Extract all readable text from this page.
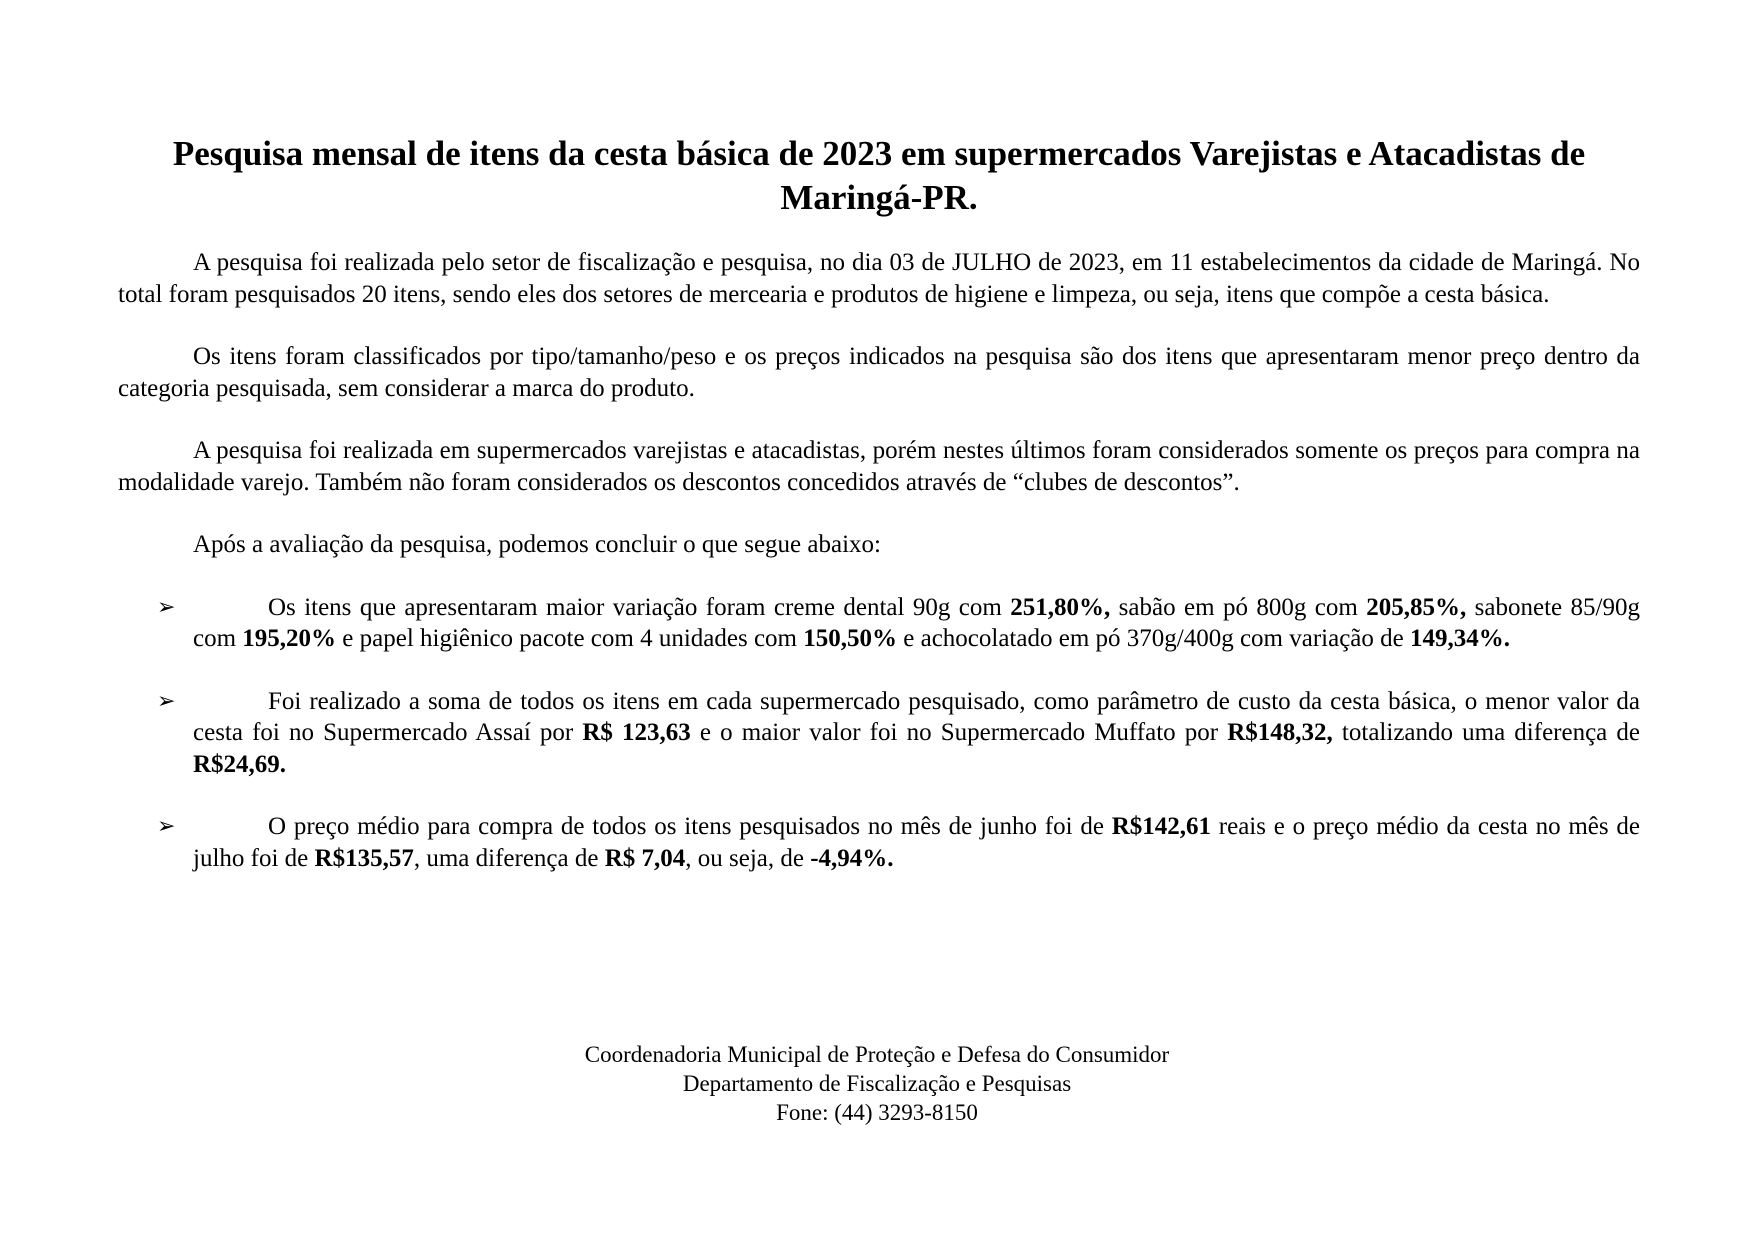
Pesquisa mensal de itens da cesta básica de 2023 em supermercados Varejistas e Atacadistas de Maringá-PR.

A pesquisa foi realizada pelo setor de fiscalização e pesquisa, no dia 03 de JULHO de 2023, em 11 estabelecimentos da cidade de Maringá. No total foram pesquisados 20 itens, sendo eles dos setores de mercearia e produtos de higiene e limpeza, ou seja, itens que compõe a cesta básica.

Os itens foram classificados por tipo/tamanho/peso e os preços indicados na pesquisa são dos itens que apresentaram menor preço dentro da categoria pesquisada, sem considerar a marca do produto.

A pesquisa foi realizada em supermercados varejistas e atacadistas, porém nestes últimos foram considerados somente os preços para compra na modalidade varejo. Também não foram considerados os descontos concedidos através de “clubes de descontos”.

Após a avaliação da pesquisa, podemos concluir o que segue abaixo:

➢	Os itens que apresentaram maior variação foram creme dental 90g com 251,80%, sabão em pó 800g com 205,85%, sabonete 85/90g com 195,20% e papel higiênico pacote com 4 unidades com 150,50% e achocolatado em pó 370g/400g com variação de 149,34%.
➢	Foi realizado a soma de todos os itens em cada supermercado pesquisado, como parâmetro de custo da cesta básica, o menor valor da cesta foi no Supermercado Assaí por R$ 123,63 e o maior valor foi no Supermercado Muffato por R$148,32, totalizando uma diferença de R$24,69.
➢	O preço médio para compra de todos os itens pesquisados no mês de junho foi de R$142,61 reais e o preço médio da cesta no mês de julho foi de R$135,57, uma diferença de R$ 7,04, ou seja, de -4,94%.
Coordenadoria Municipal de Proteção e Defesa do Consumidor
Departamento de Fiscalização e Pesquisas
Fone: (44) 3293-8150
